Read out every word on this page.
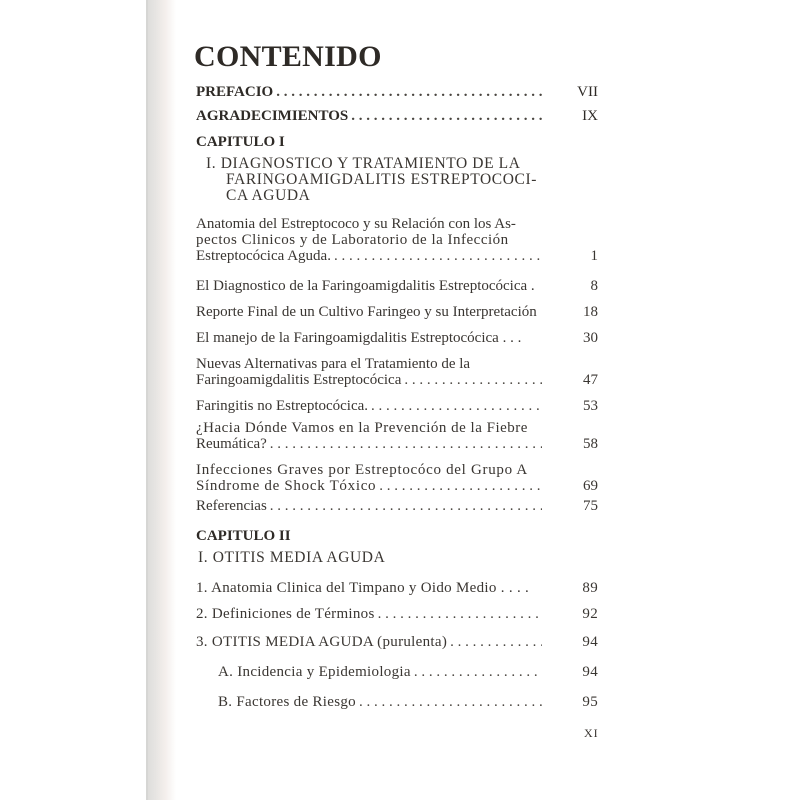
CONTENIDO
PREFACIO . . .	VII
AGRADECIMIENTOS . . .	IX
CAPITULO I
I. DIAGNOSTICO Y TRATAMIENTO DE LA
FARINGOAMIGDALITIS ESTREPTOCOCI-
CA AGUDA
Anatomia del Estreptococo y su Relación con los As-
pectos Clinicos y de Laboratorio de la Infección
Estreptocócica Aguda. . . .	1
El Diagnostico de la Faringoamigdalitis Estreptocócica .	8
Reporte Final de un Cultivo Faringeo y su Interpretación	18
El manejo de la Faringoamigdalitis Estreptocócica . . .	30
Nuevas Alternativas para el Tratamiento de la
Faringoamigdalitis Estreptocócica . . .	47
Faringitis no Estreptocócica. . . .	53
¿Hacia Dónde Vamos en la Prevención de la Fiebre
Reumática? . . .	58
Infecciones Graves por Estreptocóco del Grupo A
Síndrome de Shock Tóxico . . .	69
Referencias . . .	75
CAPITULO II
I. OTITIS MEDIA AGUDA
1. Anatomia Clinica del Timpano y Oido Medio . . . .	89
2. Definiciones de Términos . . .	92
3. OTITIS MEDIA AGUDA (purulenta) . . .	94
A. Incidencia y Epidemiologia . . .	94
B. Factores de Riesgo . . .	95
XI
